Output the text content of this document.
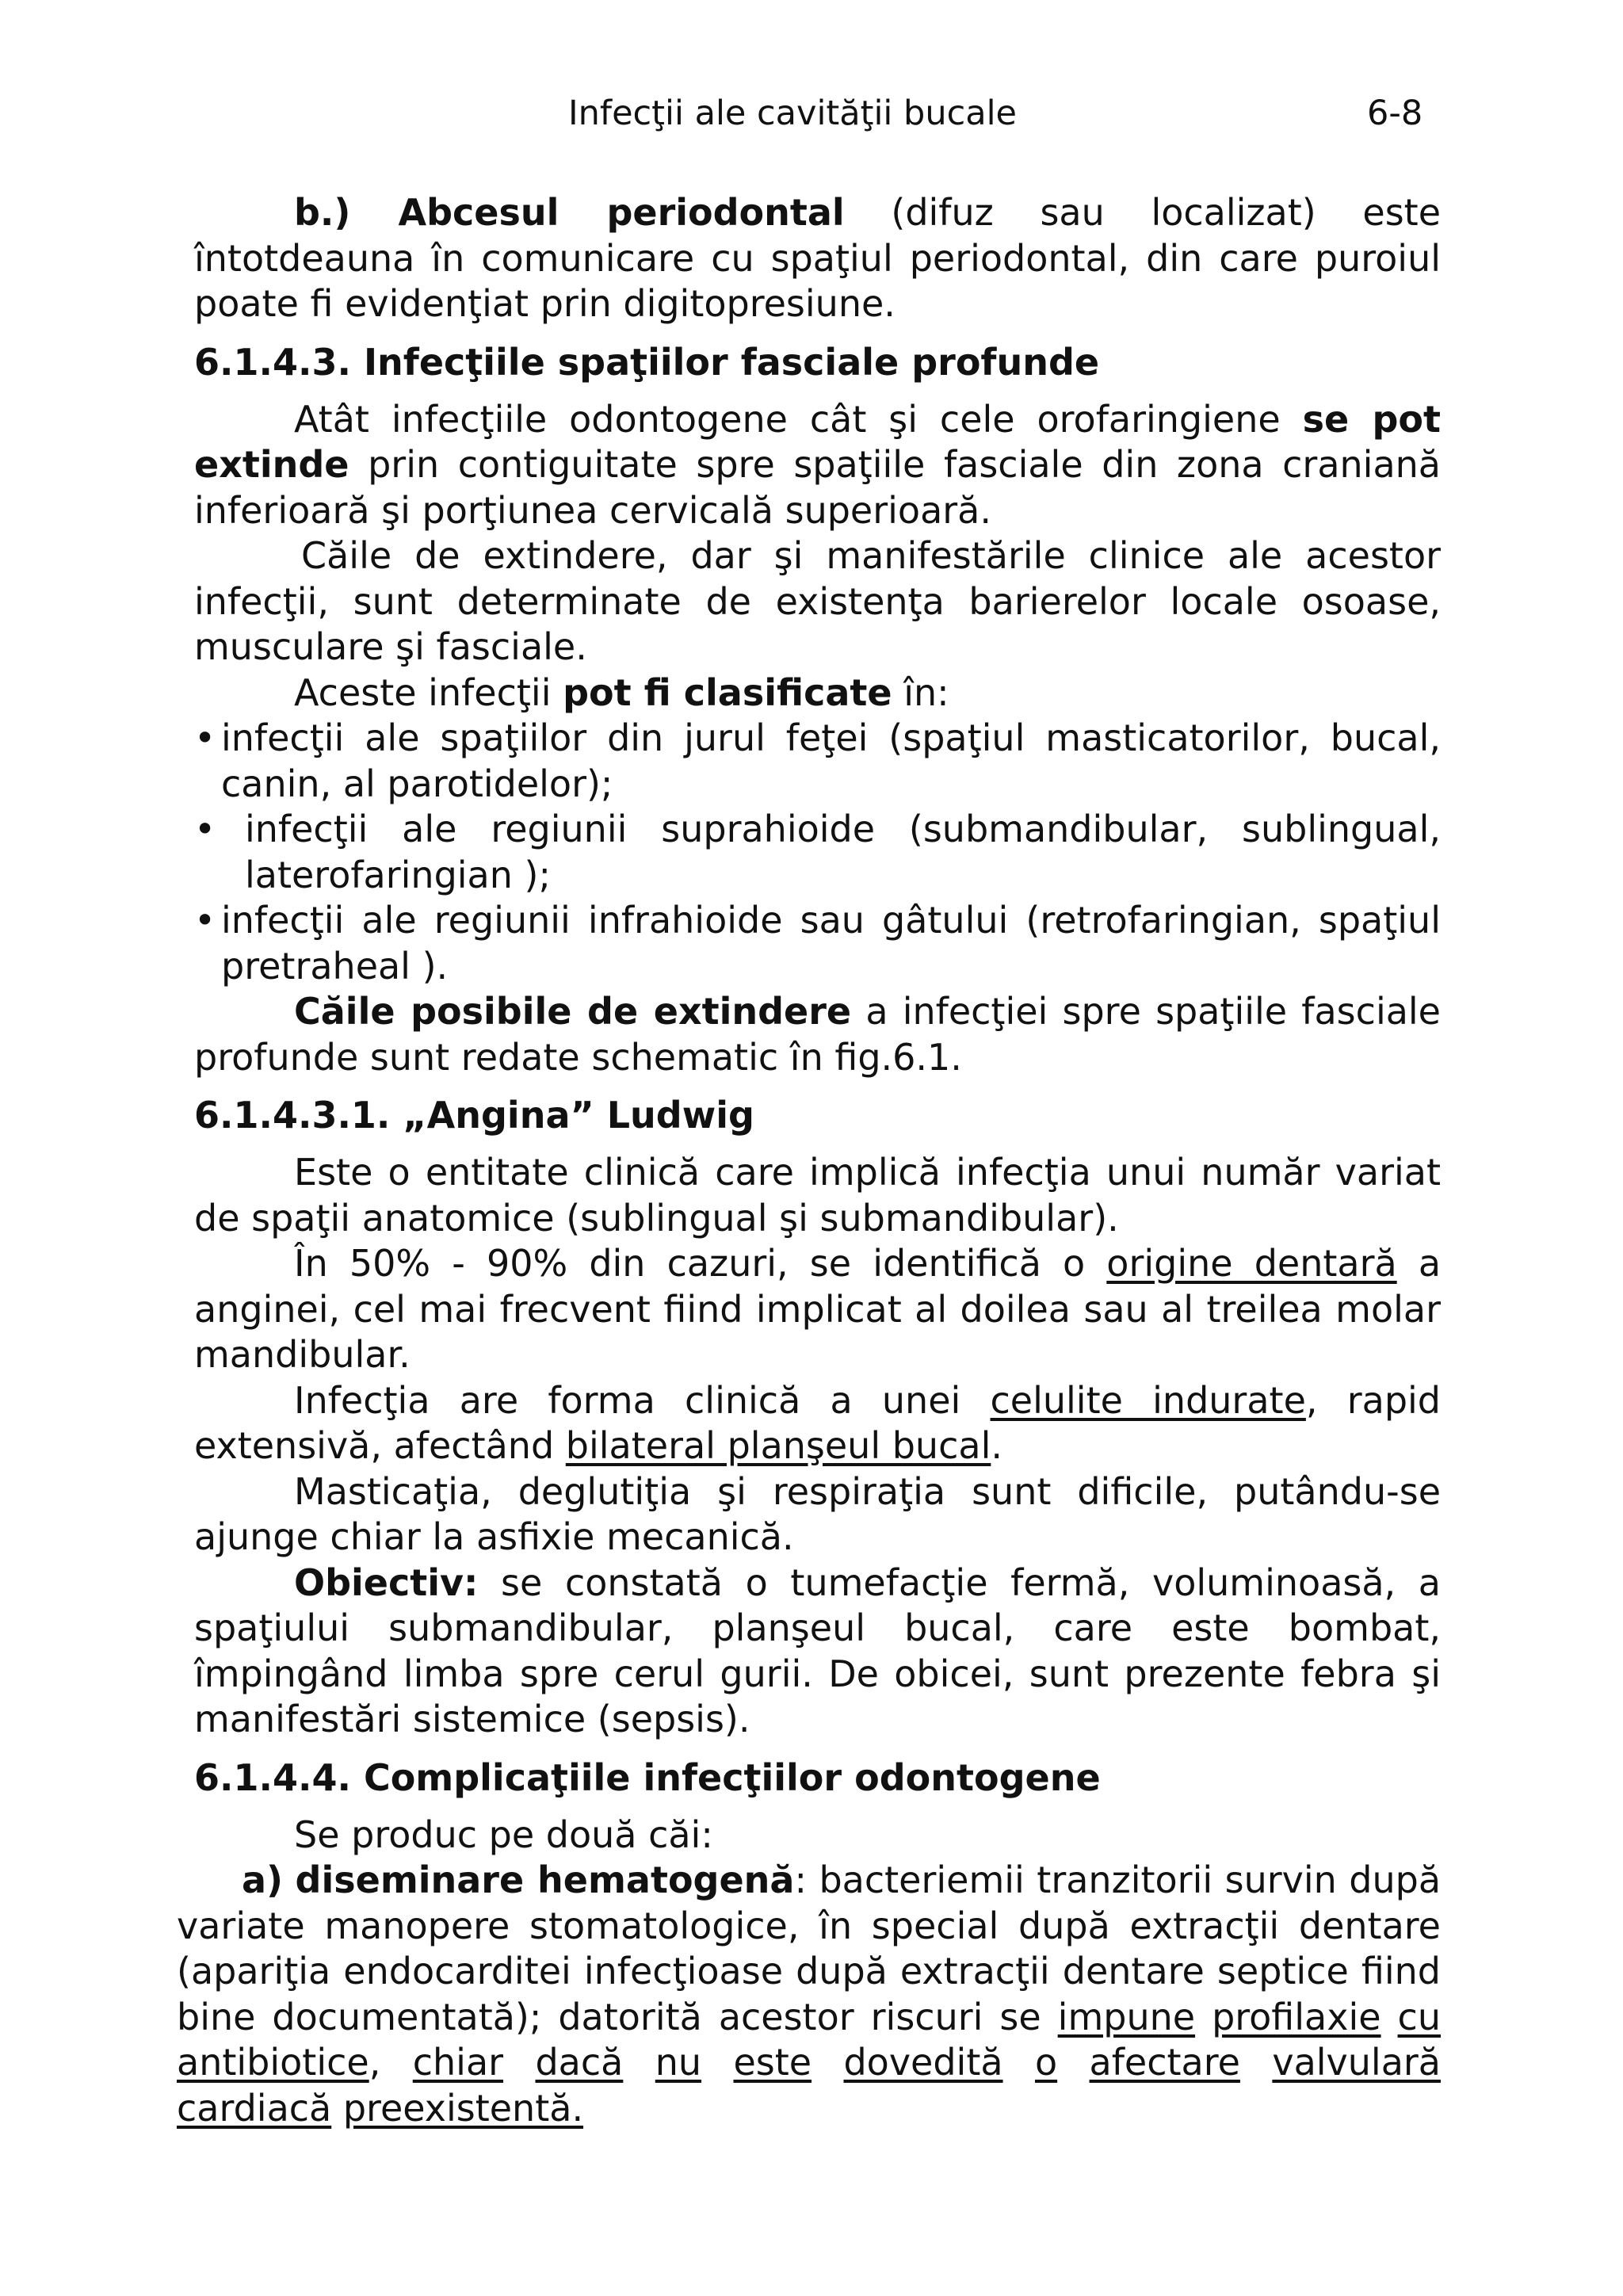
Infecţii ale cavităţii bucale	6-8

b.) Abcesul periodontal (difuz sau localizat) este întotdeauna în comunicare cu spaţiul periodontal, din care puroiul poate fi evidenţiat prin digitopresiune.

6.1.4.3. Infecţiile spaţiilor fasciale profunde

Atât infecţiile odontogene cât şi cele orofaringiene se pot extinde prin contiguitate spre spaţiile fasciale din zona craniană inferioară şi porţiunea cervicală superioară.

Căile de extindere, dar şi manifestările clinice ale acestor infecţii, sunt determinate de existenţa barierelor locale osoase, musculare şi fasciale.

Aceste infecţii pot fi clasificate în:

• infecţii ale spaţiilor din jurul feţei (spaţiul masticatorilor, bucal, canin, al parotidelor);
• infecţii ale regiunii suprahioide (submandibular, sublingual, laterofaringian );
• infecţii ale regiunii infrahioide sau gâtului (retrofaringian, spaţiul pretraheal ).

Căile posibile de extindere a infecţiei spre spaţiile fasciale profunde sunt redate schematic în fig.6.1.

6.1.4.3.1. „Angina” Ludwig

Este o entitate clinică care implică infecţia unui număr variat de spaţii anatomice (sublingual şi submandibular).

În 50% - 90% din cazuri, se identifică o origine dentară a anginei, cel mai frecvent fiind implicat al doilea sau al treilea molar mandibular.

Infecţia are forma clinică a unei celulite indurate, rapid extensivă, afectând bilateral planşeul bucal.

Masticaţia, deglutiţia şi respiraţia sunt dificile, putându-se ajunge chiar la asfixie mecanică.

Obiectiv: se constată o tumefacţie fermă, voluminoasă, a spaţiului submandibular, planşeul bucal, care este bombat, împingând limba spre cerul gurii. De obicei, sunt prezente febra şi manifestări sistemice (sepsis).

6.1.4.4. Complicaţiile infecţiilor odontogene

Se produc pe două căi:

a) diseminare hematogenă: bacteriemii tranzitorii survin după variate manopere stomatologice, în special după extracţii dentare (apariţia endocarditei infecţioase după extracţii dentare septice fiind bine documentată); datorită acestor riscuri se impune profilaxie cu antibiotice, chiar dacă nu este dovedită o afectare valvulară cardiacă preexistentă.
